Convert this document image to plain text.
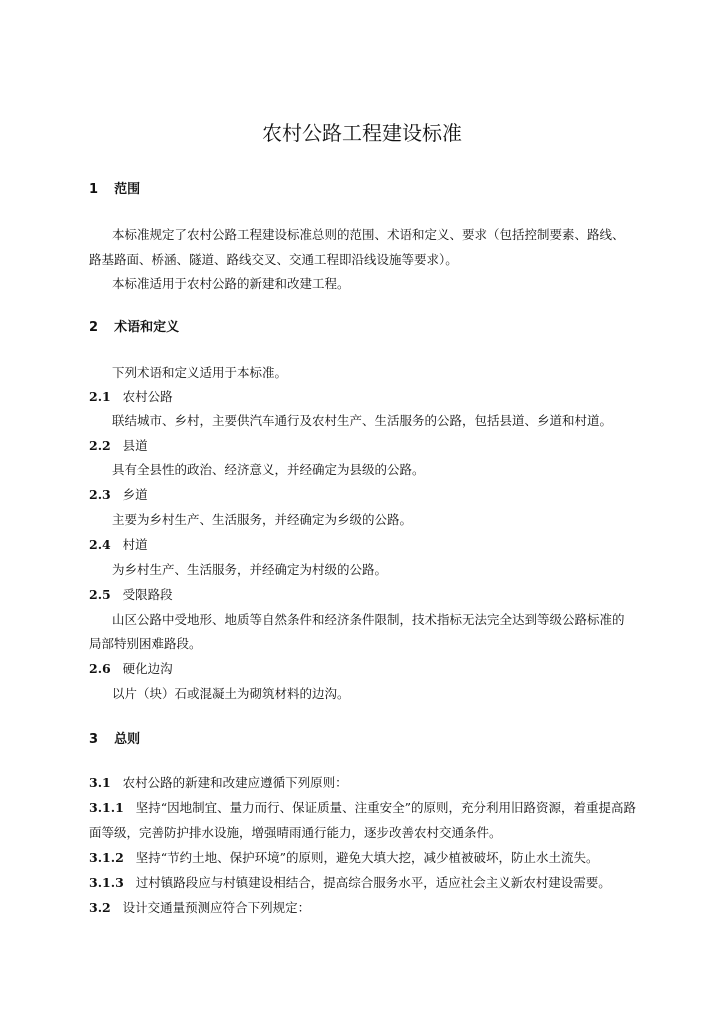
农村公路工程建设标准
1 范围
本标准规定了农村公路工程建设标准总则的范围、术语和定义、要求（包括控制要素、路线、
路基路面、桥涵、隧道、路线交叉、交通工程即沿线设施等要求）。
本标准适用于农村公路的新建和改建工程。
2 术语和定义
下列术语和定义适用于本标准。
2.1 农村公路
联结城市、乡村，主要供汽车通行及农村生产、生活服务的公路，包括县道、乡道和村道。
2.2 县道
具有全县性的政治、经济意义，并经确定为县级的公路。
2.3 乡道
主要为乡村生产、生活服务，并经确定为乡级的公路。
2.4 村道
为乡村生产、生活服务，并经确定为村级的公路。
2.5 受限路段
山区公路中受地形、地质等自然条件和经济条件限制，技术指标无法完全达到等级公路标准的
局部特别困难路段。
2.6 硬化边沟
以片（块）石或混凝土为砌筑材料的边沟。
3 总则
3.1 农村公路的新建和改建应遵循下列原则：
3.1.1 坚持“因地制宜、量力而行、保证质量、注重安全”的原则，充分利用旧路资源，着重提高路
面等级，完善防护排水设施，增强晴雨通行能力，逐步改善农村交通条件。
3.1.2 坚持“节约土地、保护环境”的原则，避免大填大挖，减少植被破坏，防止水土流失。
3.1.3 过村镇路段应与村镇建设相结合，提高综合服务水平，适应社会主义新农村建设需要。
3.2 设计交通量预测应符合下列规定：
